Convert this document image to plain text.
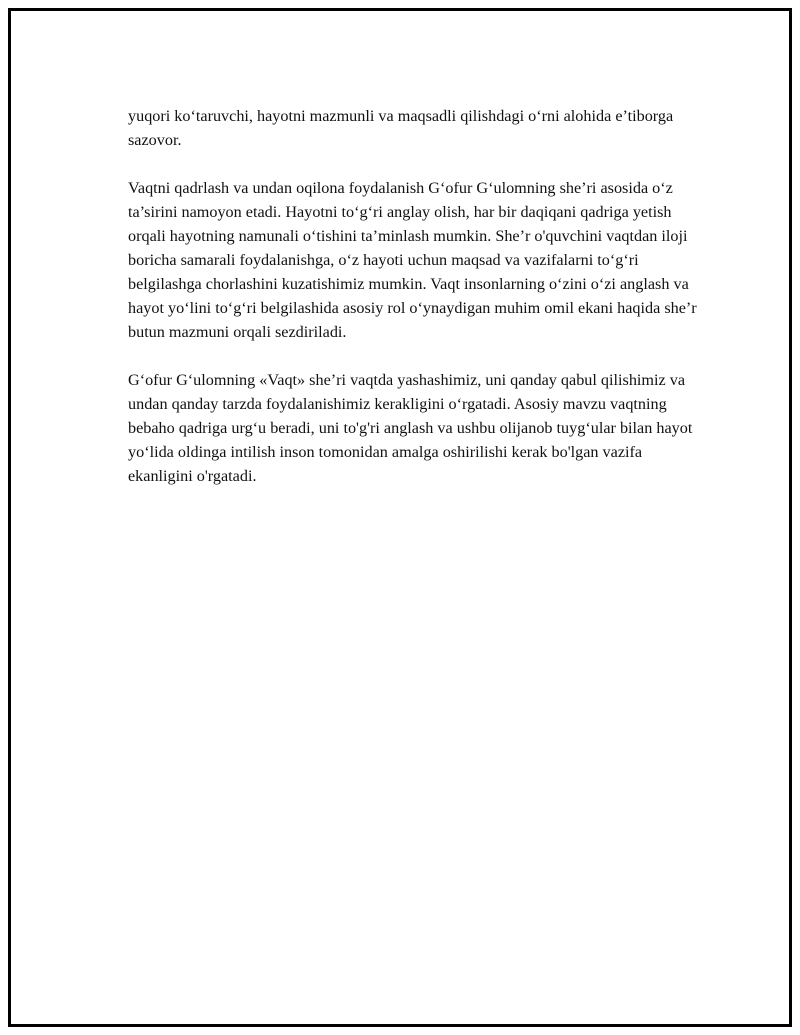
yuqori ko‘taruvchi, hayotni mazmunli va maqsadli qilishdagi o‘rni alohida e’tiborga sazovor.

Vaqtni qadrlash va undan oqilona foydalanish G‘ofur G‘ulomning she’ri asosida o‘z ta’sirini namoyon etadi. Hayotni to‘g‘ri anglay olish, har bir daqiqani qadriga yetish orqali hayotning namunali o‘tishini ta’minlash mumkin. She’r o'quvchini vaqtdan iloji boricha samarali foydalanishga, o‘z hayoti uchun maqsad va vazifalarni to‘g‘ri belgilashga chorlashini kuzatishimiz mumkin. Vaqt insonlarning o‘zini o‘zi anglash va hayot yo‘lini to‘g‘ri belgilashida asosiy rol o‘ynaydigan muhim omil ekani haqida she’r butun mazmuni orqali sezdiriladi.

G‘ofur G‘ulomning «Vaqt» she’ri vaqtda yashashimiz, uni qanday qabul qilishimiz va undan qanday tarzda foydalanishimiz kerakligini o‘rgatadi. Asosiy mavzu vaqtning bebaho qadriga urg‘u beradi, uni to'g'ri anglash va ushbu olijanob tuyg‘ular bilan hayot yo‘lida oldinga intilish inson tomonidan amalga oshirilishi kerak bo'lgan vazifa ekanligini o'rgatadi.
